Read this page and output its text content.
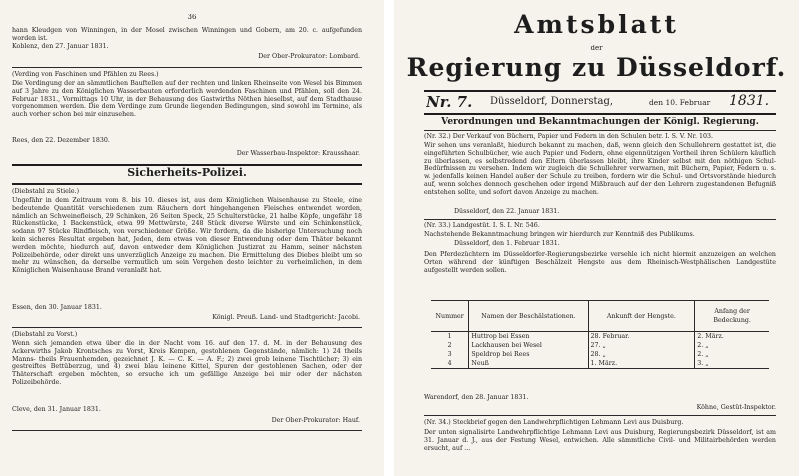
36
hann Kleudgen von Winningen, in der Mosel zwischen Winningen und Gobern, am 20. c. aufgefunden worden ist.
Koblenz, den 27. Januar 1831.
Der Ober-Prokurator: Lombard.
(Verding von Faschinen und Pfählen zu Rees.)
Die Verdingung der an sämmtlichen Bauftellen auf der rechten und linken Rheinseite von Wesel bis Bimmen auf 3 Jahre zu den Königlichen Wasserbauten erforderlich werdenden Faschinen und Pfählen, soll den 24. Februar 1831., Vormittags 10 Uhr, in der Behausung des Gastwirths Nöthen hieselbst, auf dem Stadthause vorgenommen werden. Die dem Verdinge zum Grunde liegenden Bedingungen, sind sowohl im Termine, als auch vorher schon bei mir einzusehen.
Rees, den 22. Dezember 1830.
Der Wasserbau-Inspektor: Krausshaar.
Sicherheits-Polizei.
(Diebstahl zu Stiele.)
Ungefähr in dem Zeitraum vom 8. bis 10. dieses ist, aus dem Königlichen Waisenhause zu Steele, eine bedeutende Quantität verschiedenen zum Räuchern dort hingehangenen Fleisches entwendet worden, nämlich an Schweinefleisch, 29 Schinken, 26 Seiten Speck, 25 Schulterstücke, 21 halbe Köpfe, ungefähr 18 Rückenstücke, 1 Backenstück, etwa 99 Mettwürste, 248 Stück diverse Würste und ein Schinkenstück, sodann 97 Stücke Rindfleisch, von verschiedener Größe. Wir fordern, da die bisherige Untersuchung noch kein sicheres Resultat ergeben hat, Jeden, dem etwas von dieser Entwendung oder dem Thäter bekannt werden möchte, hiedurch auf, davon entweder dem Königlichen Justizrat zu Hamm, seiner nächsten Polizeibehörde, oder direkt uns unverzüglich Anzeige zu machen. Die Ermittelung des Diebes bleibt um so mehr zu wünschen, da derselbe vermutlich um sein Vergehen desto leichter zu verheimlichen, in dem Königlichen Waisenhause Brand veranlaßt hat.
Essen, den 30. Januar 1831.
Königl. Preuß. Land- und Stadtgericht: Jacobi.
(Diebstahl zu Vorst.)
Wenn sich jemanden etwa über die in der Nacht vom 16. auf den 17. d. M. in der Behausung des Ackerwirths Jakob Krontsches zu Vorst, Kreis Kempen, gestohlenen Gegenstände, nämlich: 1) 24 theils Manns- theils Frauenhemden, gezeichnet J. K. — C. K. — A. F.; 2) zwei grob leinene Tischtücher; 3) ein gestreiftes Bettüberzug, und 4) zwei blau leinene Kittel, Spuren der gestohlenen Sachen, oder der Thäterschaft ergeben möchten, so ersuche ich um gefällige Anzeige bei mir oder der nächsten Polizeibehörde.
Cleve, den 31. Januar 1831.
Der Ober-Prokurator: Hauf.
Amtsblatt
der
Regierung zu Düsseldorf.
Nr. 7.	Düsseldorf, Donnerstag,	den 10. Februar	1831.
Verordnungen und Bekanntmachungen der Königl. Regierung.
(Nr. 32.) Der Verkauf von Büchern, Papier und Federn in den Schulen betr. I. S. V. Nr. 103.
Wir sehen uns veranlaßt, hiedurch bekannt zu machen, daß, wenn gleich den Schullehrern gestattet ist, die eingeführten Schulbücher, wie auch Papier und Federn, ohne eigennützigen Vortheil ihren Schülern käuflich zu überlassen, es selbstredend den Eltern überlassen bleibt, ihre Kinder selbst mit den nöthigen Schul-Bedürfnissen zu versehen. Indem wir zugleich die Schullehrer verwarnen, mit Büchern, Papier, Federn u. s. w. jedenfalls keinen Handel außer der Schule zu treiben, fordern wir die Schul- und Ortsvorstände hiedurch auf, wenn solches dennoch geschehen oder irgend Mißbrauch auf der den Lehrern zugestandenen Befugniß entstehen sollte, und sofort davon Anzeige zu machen.
Düsseldorf, den 22. Januar 1831.
(Nr. 33.) Landgestüt. I. S. I. Nr. 546.
Nachstehende Bekanntmachung bringen wir hierdurch zur Kenntniß des Publikums.
Düsseldorf, den 1. Februar 1831.
Den Pferdezüchtern im Düsseldorfer-Regierungsbezirke versehle ich nicht hiermit anzuzeigen an welchen Orten während der künftigen Beschälzeit Hengste aus dem Rheinisch-Westphälischen Landgestüte aufgestellt werden sollen.
Nummer	Namen der Beschälstationen.	Ankunft der Hengste.	Anfang der Bedeckung.
1	Huttrop bei Essen	28. Februar.	2. März.
2	Lackhausen bei Wesel	27. „	2. „
3	Speldrop bei Rees	28. „	2. „
4	Neuß	1. März.	3. „
Warendorf, den 28. Januar 1831.
Köhne, Gestüt-Inspektor.
(Nr. 34.) Steckbrief gegen den Landwehrpflichtigen Lehmann Levi aus Duisburg.
Der unten signalisirte Landwehrpflichtige Lehmann Levi aus Duisburg, Regierungsbezirk Düsseldorf, ist am 31. Januar d. J., aus der Festung Wesel, entwichen. Alle sämmtliche Civil- und Militairbehörden werden ersucht, auf ...
